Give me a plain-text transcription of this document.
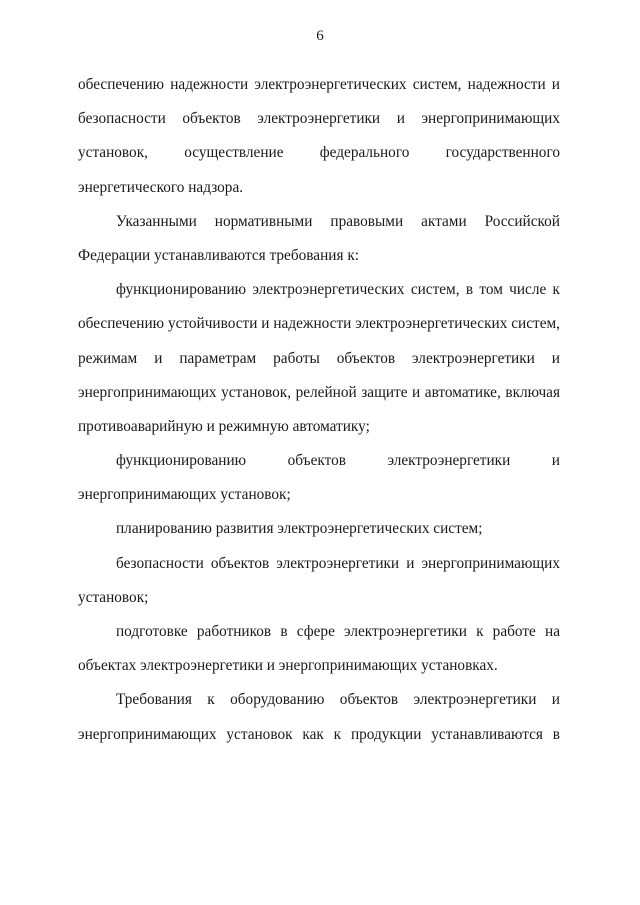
6
обеспечению надежности электроэнергетических систем, надежности и
безопасности объектов электроэнергетики и энергопринимающих
установок, осуществление федерального государственного
энергетического надзора.
Указанными нормативными правовыми актами Российской
Федерации устанавливаются требования к:
функционированию электроэнергетических систем, в том числе к
обеспечению устойчивости и надежности электроэнергетических систем,
режимам и параметрам работы объектов электроэнергетики и
энергопринимающих установок, релейной защите и автоматике, включая
противоаварийную и режимную автоматику;
функционированию объектов электроэнергетики и
энергопринимающих установок;
планированию развития электроэнергетических систем;
безопасности объектов электроэнергетики и энергопринимающих
установок;
подготовке работников в сфере электроэнергетики к работе на
объектах электроэнергетики и энергопринимающих установках.
Требования к оборудованию объектов электроэнергетики и
энергопринимающих установок как к продукции устанавливаются в
